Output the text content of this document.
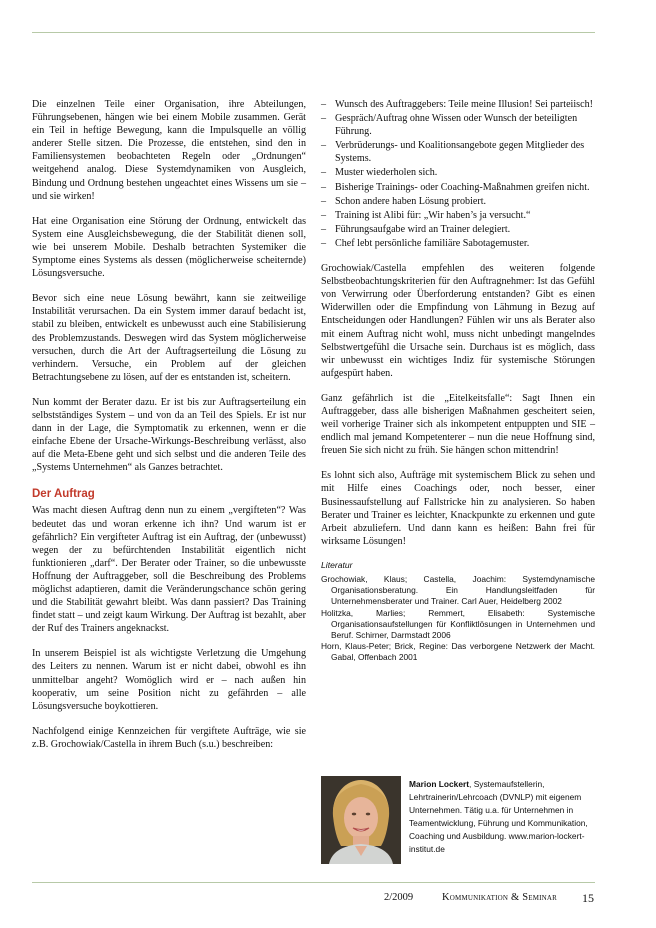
Die einzelnen Teile einer Organisation, ihre Abteilungen, Führungsebenen, hängen wie bei einem Mobile zusammen. Gerät ein Teil in heftige Bewegung, kann die Impulsquelle an völlig anderer Stelle sitzen. Die Prozesse, die entstehen, sind den in Familiensystemen beobachteten Regeln oder „Ordnungen“ weitgehend analog. Diese Systemdynamiken von Ausgleich, Bindung und Ordnung bestehen ungeachtet eines Wissens um sie – und sie wirken!

Hat eine Organisation eine Störung der Ordnung, entwickelt das System eine Ausgleichsbewegung, die der Stabilität dienen soll, wie bei unserem Mobile. Deshalb betrachten Systemiker die Symptome eines Systems als dessen (möglicherweise scheiternde) Lösungsversuche.

Bevor sich eine neue Lösung bewährt, kann sie zeitweilige Instabilität verursachen. Da ein System immer darauf bedacht ist, stabil zu bleiben, entwickelt es unbewusst auch eine Stabilisierung des Problemzustands. Deswegen wird das System möglicherweise versuchen, durch die Art der Auftragserteilung die Lösung zu verhindern. Versuche, ein Problem auf der gleichen Betrachtungsebene zu lösen, auf der es entstanden ist, scheitern.

Nun kommt der Berater dazu. Er ist bis zur Auftragserteilung ein selbstständiges System – und von da an Teil des Spiels. Er ist nur dann in der Lage, die Symptomatik zu erkennen, wenn er die einfache Ebene der Ursache-Wirkungs-Beschreibung verlässt, also auf die Meta-Ebene geht und sich selbst und die anderen Teile des „Systems Unternehmen“ als Ganzes betrachtet.

Der Auftrag

Was macht diesen Auftrag denn nun zu einem „vergifteten“? Was bedeutet das und woran erkenne ich ihn? Und warum ist er gefährlich? Ein vergifteter Auftrag ist ein Auftrag, der (unbewusst) wegen der zu befürchtenden Instabilität eigentlich nicht funktionieren „darf“. Der Berater oder Trainer, so die unbewusste Hoffnung der Auftraggeber, soll die Beschreibung des Problems möglichst adaptieren, damit die Veränderungschance schön gering und die Stabilität gewahrt bleibt. Was dann passiert? Das Training findet statt – und zeigt kaum Wirkung. Der Auftrag ist bezahlt, aber der Ruf des Trainers angeknackst.

In unserem Beispiel ist als wichtigste Verletzung die Umgehung des Leiters zu nennen. Warum ist er nicht dabei, obwohl es ihn unmittelbar angeht? Womöglich wird er – nach außen hin kooperativ, um seine Position nicht zu gefährden – alle Lösungsversuche boykottieren.

Nachfolgend einige Kennzeichen für vergiftete Aufträge, wie sie z.B. Grochowiak/Castella in ihrem Buch (s.u.) beschreiben:

– Wunsch des Auftraggebers: Teile meine Illusion! Sei parteiisch!
– Gespräch/Auftrag ohne Wissen oder Wunsch der beteiligten Führung.
– Verbrüderungs- und Koalitionsangebote gegen Mitglieder des Systems.
– Muster wiederholen sich.
– Bisherige Trainings- oder Coaching-Maßnahmen greifen nicht.
– Schon andere haben Lösung probiert.
– Training ist Alibi für: „Wir haben’s ja versucht.“
– Führungsaufgabe wird an Trainer delegiert.
– Chef lebt persönliche familiäre Sabotagemuster.

Grochowiak/Castella empfehlen des weiteren folgende Selbstbeobachtungskriterien für den Auftragnehmer: Ist das Gefühl von Verwirrung oder Überforderung entstanden? Gibt es einen Widerwillen oder die Empfindung von Lähmung in Bezug auf Entscheidungen oder Handlungen? Fühlen wir uns als Berater also mit einem Auftrag nicht wohl, muss nicht unbedingt mangelndes Selbstwertgefühl die Ursache sein. Durchaus ist es möglich, dass wir unbewusst ein wichtiges Indiz für systemische Störungen aufgespürt haben.

Ganz gefährlich ist die „Eitelkeitsfalle“: Sagt Ihnen ein Auftraggeber, dass alle bisherigen Maßnahmen gescheitert seien, weil vorherige Trainer sich als inkompetent entpuppten und SIE – endlich mal jemand Kompetenterer – nun die neue Hoffnung sind, freuen Sie sich nicht zu früh. Sie hängen schon mittendrin!

Es lohnt sich also, Aufträge mit systemischem Blick zu sehen und mit Hilfe eines Coachings oder, noch besser, einer Businessaufstellung auf Fallstricke hin zu analysieren. So haben Berater und Trainer es leichter, Knackpunkte zu erkennen und gute Arbeit abzuliefern. Und dann kann es heißen: Bahn frei für wirksame Lösungen!

Literatur

Grochowiak, Klaus; Castella, Joachim: Systemdynamische Organisationsberatung. Ein Handlungsleitfaden für Unternehmensberater und Trainer. Carl Auer, Heidelberg 2002

Holitzka, Marlies; Remmert, Elisabeth: Systemische Organisationsaufstellungen für Konfliktlösungen in Unternehmen und Beruf. Schirner, Darmstadt 2006

Horn, Klaus-Peter; Brick, Regine: Das verborgene Netzwerk der Macht. Gabal, Offenbach 2001

Marion Lockert, Systemaufstellerin, Lehrtrainerin/Lehrcoach (DVNLP) mit eigenem Unternehmen. Tätig u.a. für Unternehmen in Teamentwicklung, Führung und Kommunikation, Coaching und Ausbildung. www.marion-lockert-institut.de
2/2009	Kommunikation & Seminar 15
